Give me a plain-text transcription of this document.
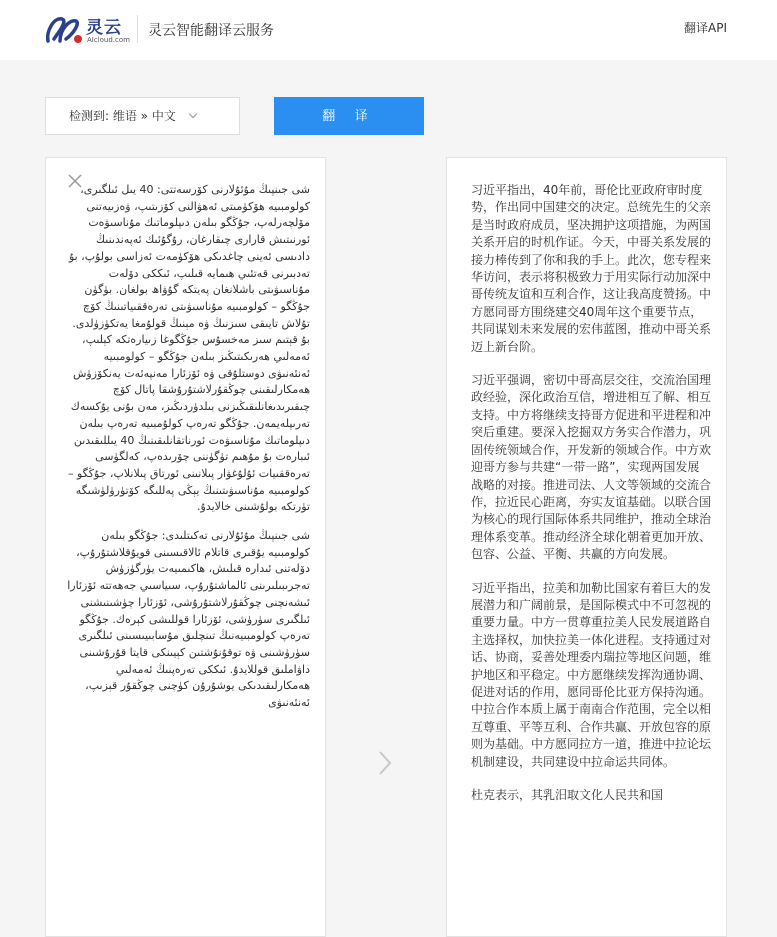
灵云
AIcloud.com
灵云智能翻译云服务	翻译API
检测到: 维语 » 中文	翻 译

شى جىنپىڭ مۇئۇلارنى كۆرسەتتى: 40 يىل ئىلگىرى، كولومبىيە ھۆكۈمىتى ئەھۋالنى كۆزىتىپ، ۋەزىيەتنى مۆلچەرلەپ، جۇڭگو بىلەن دىپلوماتىك مۇناسىۋەت ئورنىتىش قارارى چىقارغان، رۇگۇئىك ئەپەندىنىڭ دادىسى ئەينى چاغدىكى ھۆكۈمەت ئەزاسى بولۇپ، بۇ تەدبىرنى قەتئىي ھىمايە قىلىپ، ئىككى دۆلەت مۇناسىۋىتى باشلانغان پەيتكە گۇۋاھ بولغان. بۈگۈن جۇڭگو – كولومبىيە مۇناسىۋىتى تەرەققىياتىنىڭ كۆچ تۇلاش تايىقى سىزنىڭ ۋە مېنىڭ قولۇمغا يەتكۈزۈلدى. بۇ قېتىم سىز مەخسۇس جۇڭگوغا زىيارەتكە كېلىپ، ئەمەلىي ھەرىكىتىڭىز بىلەن جۇڭگو – كولومبىيە ئەنئەنىۋى دوستلۇقى ۋە ئۆزئارا مەنپەئەت يەنكۆزۈش ھەمكارلىقىنى چوڭقۇرلاشتۇرۇشقا پاتال كۆچ چىقىرىدىغانلىقىڭىزنى بىلدۈردىڭىز، مەن بۇنى يۇكسەك تەرىپلەيمەن. جۇڭگو تەرەپ كولۇمبىيە تەرەپ بىلەن دىپلوماتىك مۇناسىۋەت ئورناتقانلىقىنىڭ 40 يىللىقىدىن ئىبارەت بۇ مۇھىم تۈگۈننى چۆرىدەپ، كەلگۈسى تەرەققىيات ئۇلۇغۋار پىلانىنى ئورتاق پىلانلاپ، جۇڭگو – كولومبىيە مۇناسىۋىتىنىڭ يېڭى پەللىگە كۆتۈرۈلۈشىگە تۈرتكە بولۇشىنى خالايدۇ.

شى جىنپىڭ مۇئۇلارنى تەكىتلىدى: جۇڭگو بىلەن كولومبىيە يۇقىرى قاتلام ئالاقىسىنى قويۇقلاشتۇرۇپ، دۆلەتنى ئىدارە قىلىش، ھاكىمىيەت يۈرگۈزۈش تەجرىبىلىرىنى ئالماشتۇرۇپ، سىياسىي جەھەتتە ئۆزئارا ئىشەنچنى چوڭقۇرلاشتۇرۇشى، ئۆزئارا چۈشىنىشنى ئىلگىرى سۈرۈشى، ئۆزئارا قوللىشى كېرەك. جۇڭگو تەرەپ كولومبىيەنىڭ تىنچلىق مۇسابىيىسىنى ئىلگىرى سۈرۈشىنى ۋە توقۇنۇشتىن كېيىنكى قايتا قۇرۇشىنى داۋاملىق قوللايدۇ. ئىككى تەرەپنىڭ ئەمەلىي ھەمكارلىقىدىكى يوشۇرۇن كۈچنى چوڭقۇر قېزىپ، ئەنئەنىۋى

习近平指出，40年前，哥伦比亚政府审时度势，作出同中国建交的决定。总统先生的父亲是当时政府成员，坚决拥护这项措施，为两国关系开启的时机作证。今天，中哥关系发展的接力棒传到了你和我的手上。此次，您专程来华访问，表示将积极致力于用实际行动加深中哥传统友谊和互利合作，这让我高度赞扬。中方愿同哥方围绕建交40周年这个重要节点，共同谋划未来发展的宏伟蓝图，推动中哥关系迈上新台阶。

习近平强调，密切中哥高层交往，交流治国理政经验，深化政治互信，增进相互了解、相互支持。中方将继续支持哥方促进和平进程和冲突后重建。要深入挖掘双方务实合作潜力，巩固传统领域合作，开发新的领域合作。中方欢迎哥方参与共建“一带一路”，实现两国发展战略的对接。推进司法、人文等领域的交流合作，拉近民心距离，夯实友谊基础。以联合国为核心的现行国际体系共同维护，推动全球治理体系变革。推动经济全球化朝着更加开放、包容、公益、平衡、共赢的方向发展。

习近平指出，拉美和加勒比国家有着巨大的发展潜力和广阔前景，是国际模式中不可忽视的重要力量。中方一贯尊重拉美人民发展道路自主选择权，加快拉美一体化进程。支持通过对话、协商，妥善处理委内瑞拉等地区问题，维护地区和平稳定。中方愿继续发挥沟通协调、促进对话的作用，愿同哥伦比亚方保持沟通。中拉合作本质上属于南南合作范围，完全以相互尊重、平等互利、合作共赢、开放包容的原则为基础。中方愿同拉方一道，推进中拉论坛机制建设，共同建设中拉命运共同体。

杜克表示，其乳汨取文化人民共和国
